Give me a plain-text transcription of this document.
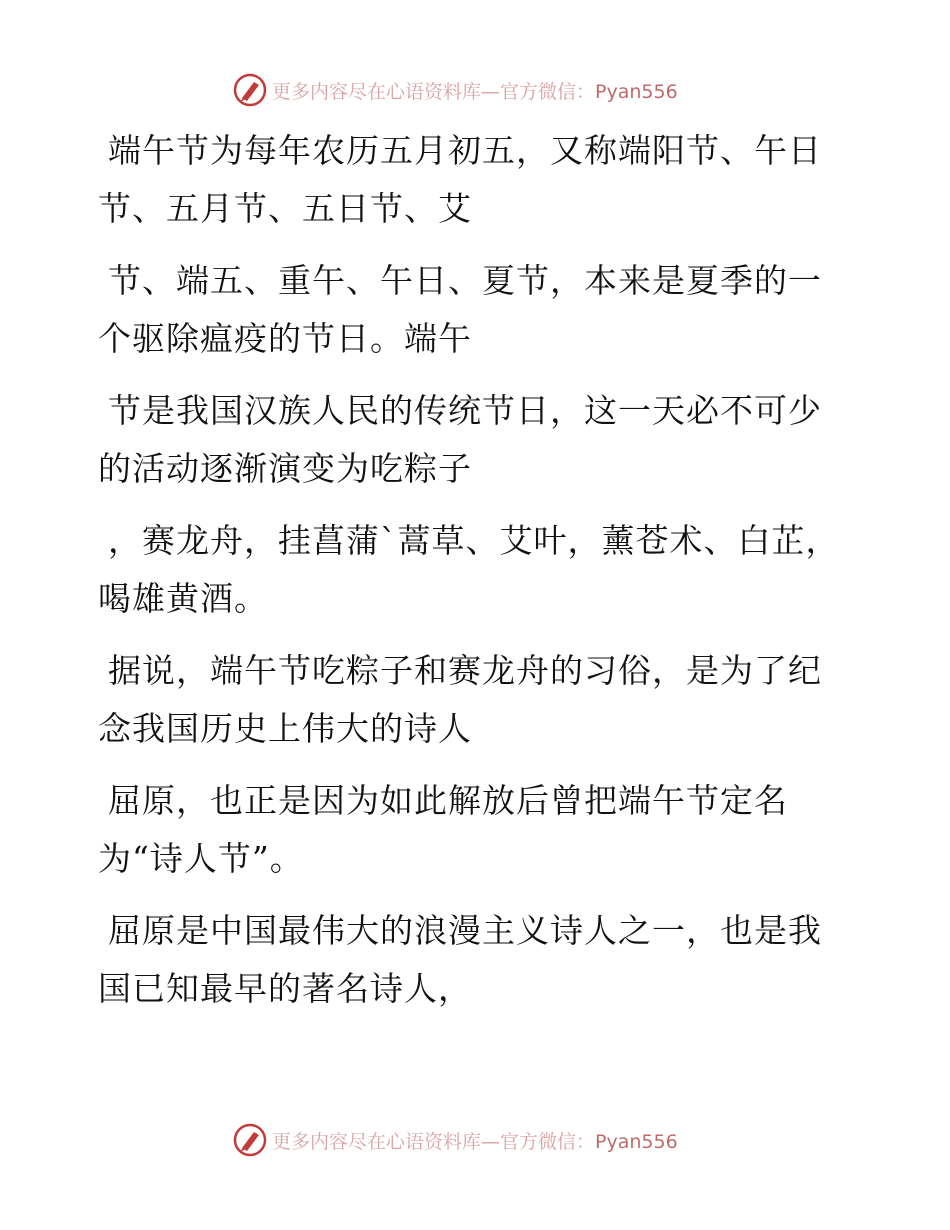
更多内容尽在心语资料库—官方微信：Pyan556

端午节为每年农历五月初五，又称端阳节、午日
节、五月节、五日节、艾

节、端五、重午、午日、夏节，本来是夏季的一
个驱除瘟疫的节日。端午

节是我国汉族人民的传统节日，这一天必不可少
的活动逐渐演变为吃粽子

，赛龙舟，挂菖蒲ˋ蒿草、艾叶，薰苍术、白芷，
喝雄黄酒。

据说，端午节吃粽子和赛龙舟的习俗，是为了纪
念我国历史上伟大的诗人

屈原，也正是因为如此解放后曾把端午节定名
为“诗人节”。

屈原是中国最伟大的浪漫主义诗人之一，也是我
国已知最早的著名诗人，

更多内容尽在心语资料库—官方微信：Pyan556
